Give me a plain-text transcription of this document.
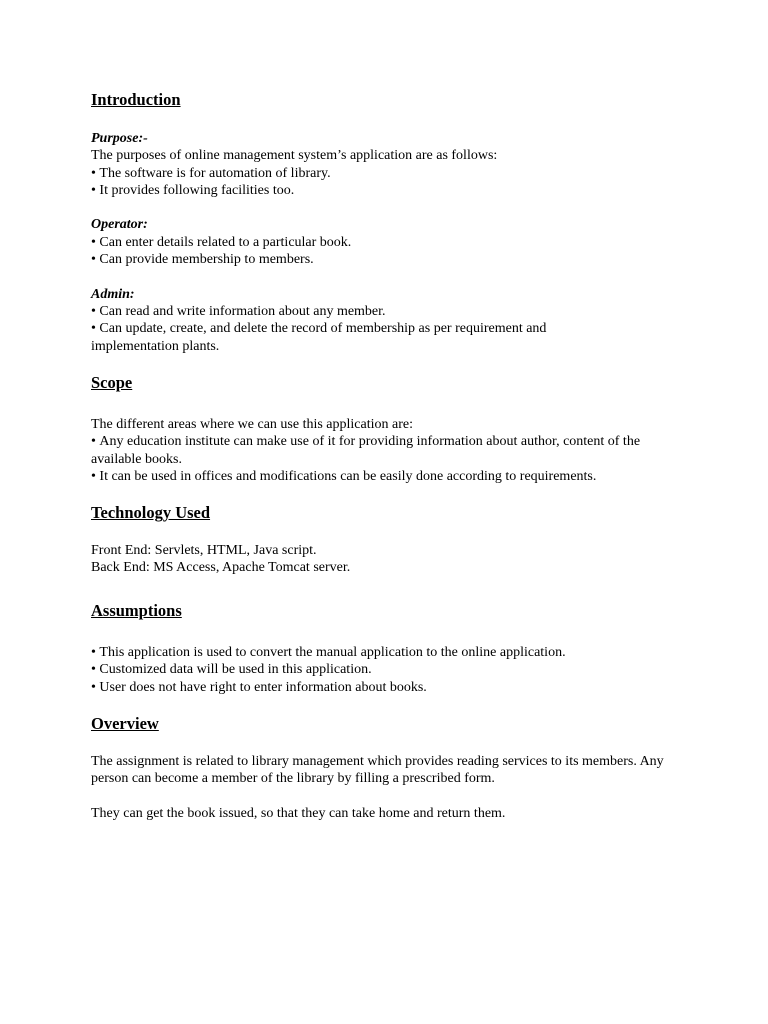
Introduction

Purpose:-

The purposes of online management system’s application are as follows:

• The software is for automation of library.

• It provides following facilities too.

Operator:

• Can enter details related to a particular book.

• Can provide membership to members.

Admin:

• Can read and write information about any member.

• Can update, create, and delete the record of membership as per requirement and implementation plants.

Scope

The different areas where we can use this application are:

• Any education institute can make use of it for providing information about author, content of the available books.

• It can be used in offices and modifications can be easily done according to requirements.

Technology Used

Front End: Servlets, HTML, Java script.

Back End: MS Access, Apache Tomcat server.

Assumptions

• This application is used to convert the manual application to the online application.

• Customized data will be used in this application.

• User does not have right to enter information about books.

Overview

The assignment is related to library management which provides reading services to its members. Any person can become a member of the library by filling a prescribed form.

They can get the book issued, so that they can take home and return them.
